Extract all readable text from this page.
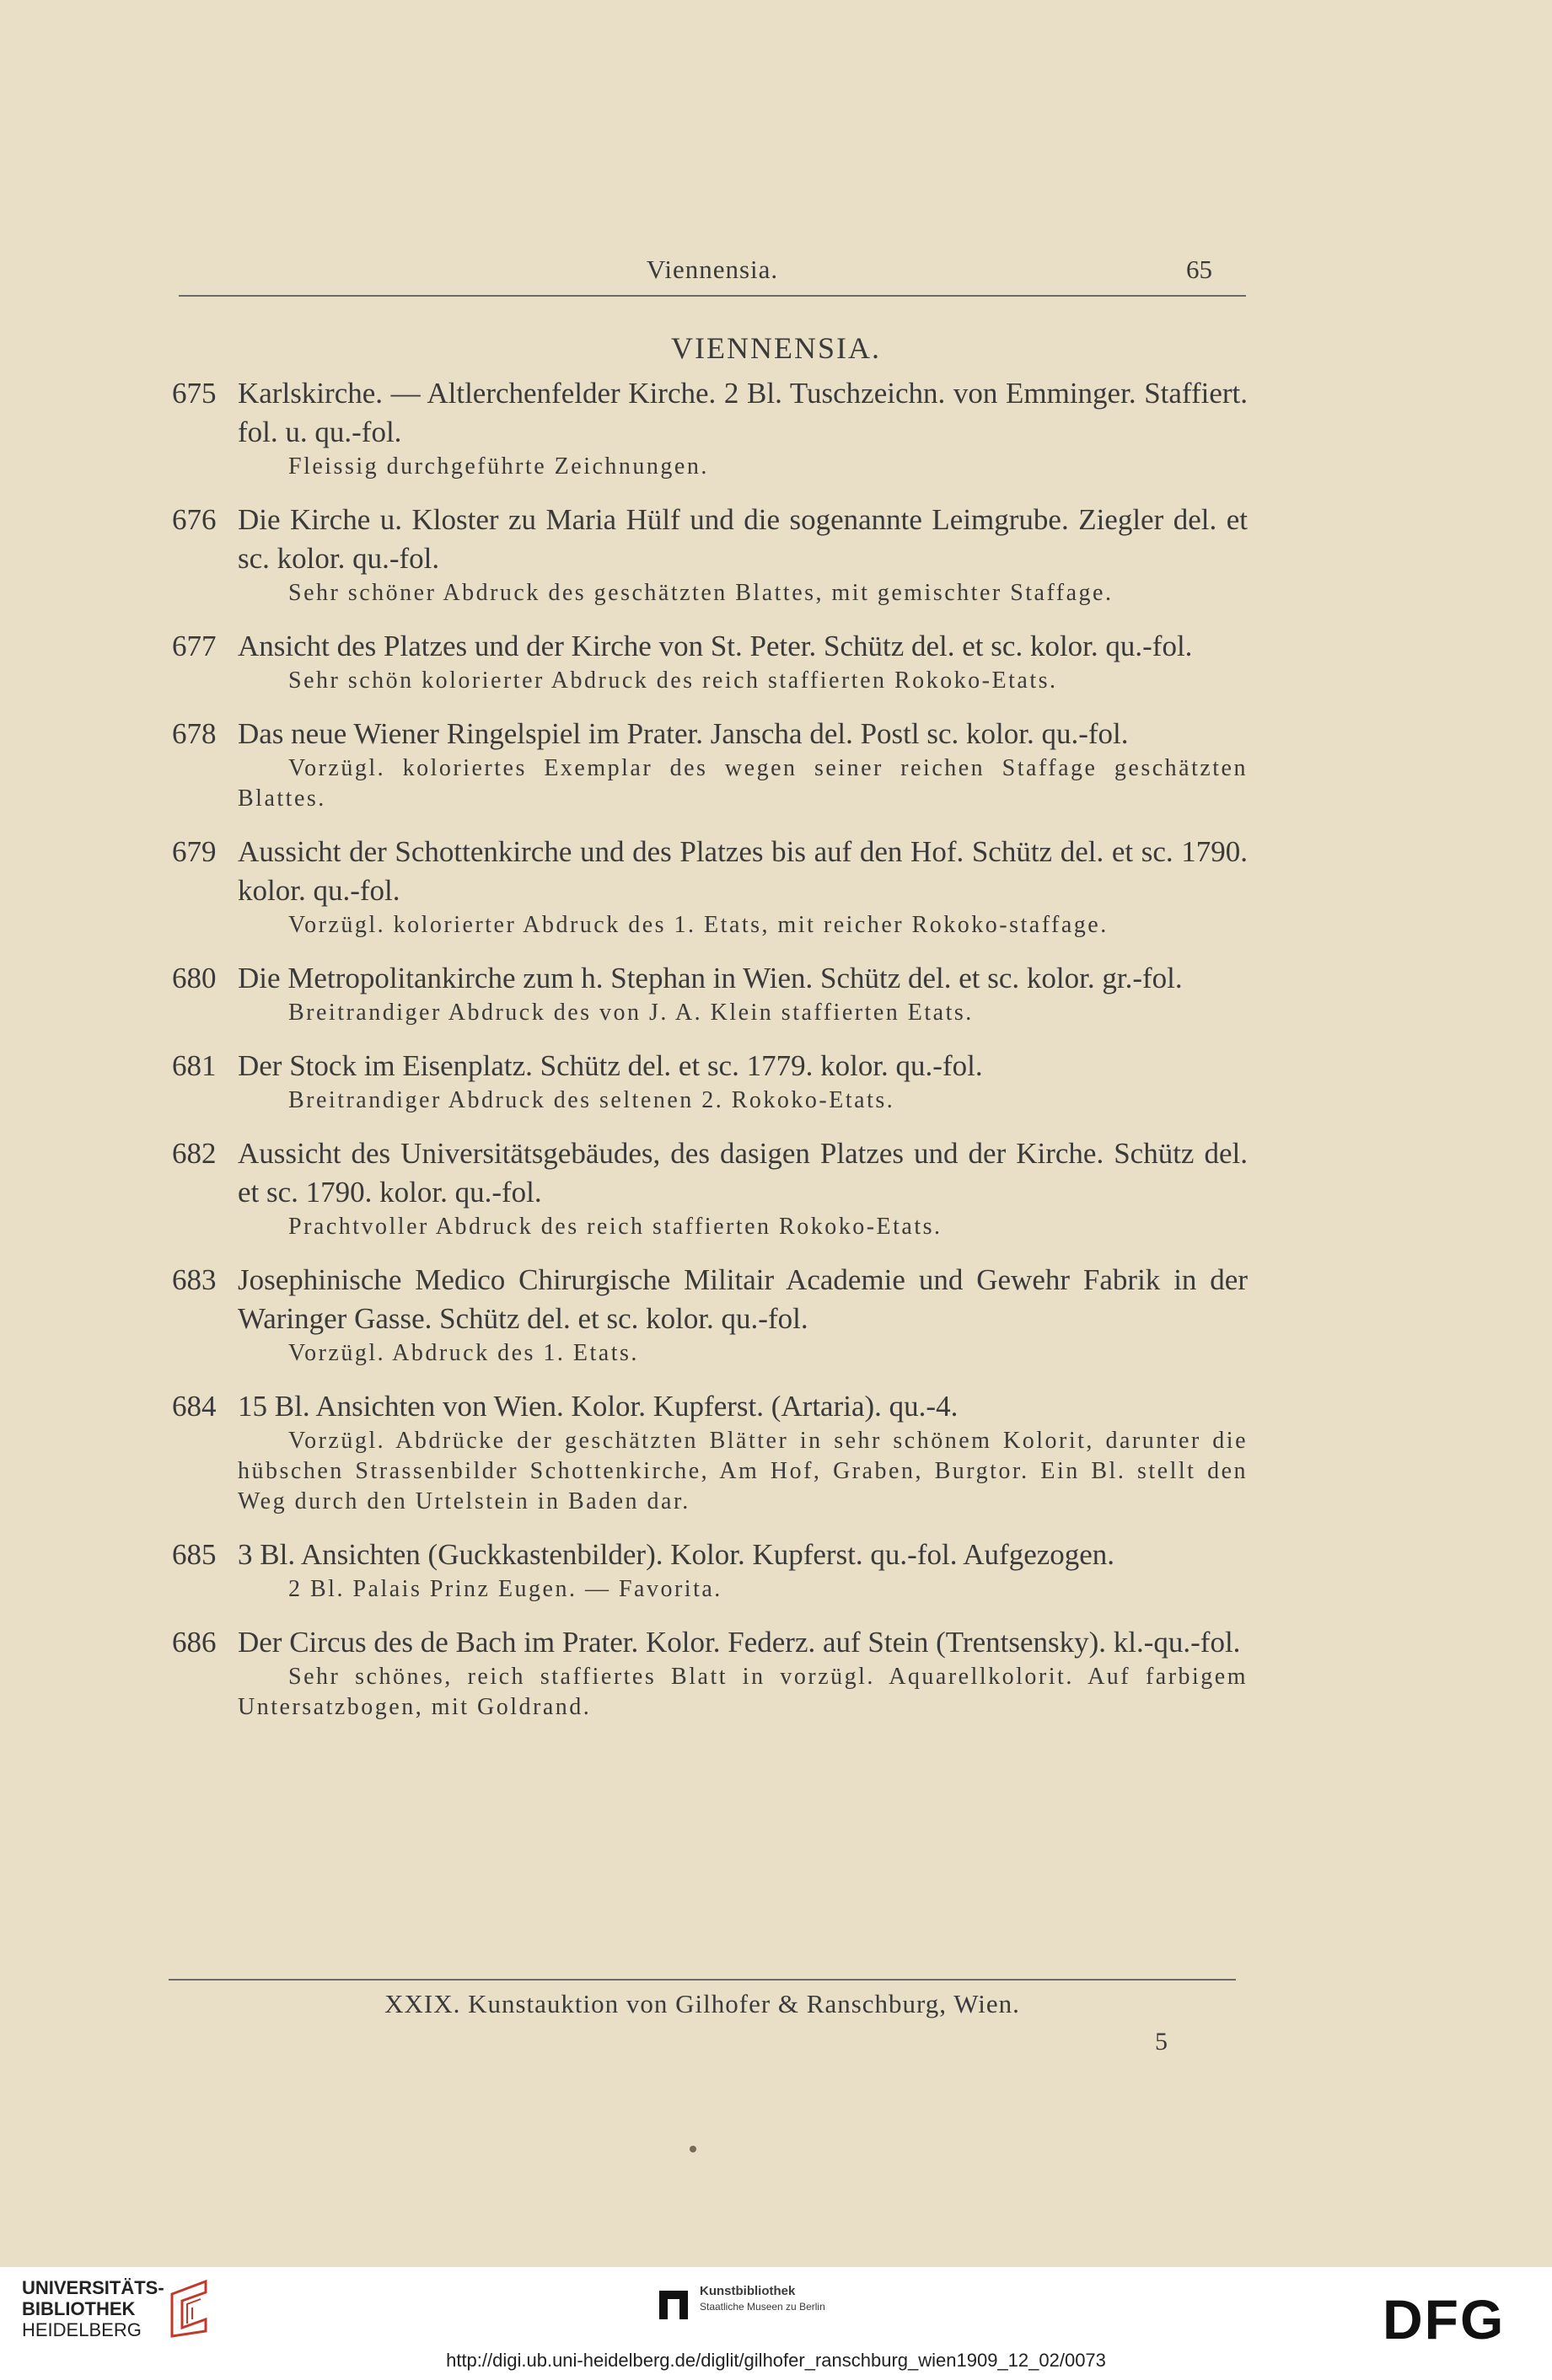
Viennensia.	65
VIENNENSIA.
675 Karlskirche. — Altlerchenfelder Kirche. 2 Bl. Tuschzeichn. von Emminger. Staffiert. fol. u. qu.-fol.
Fleissig durchgeführte Zeichnungen.
676 Die Kirche u. Kloster zu Maria Hülf und die sogenannte Leimgrube. Ziegler del. et sc. kolor. qu.-fol.
Sehr schöner Abdruck des geschätzten Blattes, mit gemischter Staffage.
677 Ansicht des Platzes und der Kirche von St. Peter. Schütz del. et sc. kolor. qu.-fol.
Sehr schön kolorierter Abdruck des reich staffierten Rokoko-Etats.
678 Das neue Wiener Ringelspiel im Prater. Janscha del. Postl sc. kolor. qu.-fol.
Vorzügl. koloriertes Exemplar des wegen seiner reichen Staffage geschätzten Blattes.
679 Aussicht der Schottenkirche und des Platzes bis auf den Hof. Schütz del. et sc. 1790. kolor. qu.-fol.
Vorzügl. kolorierter Abdruck des 1. Etats, mit reicher Rokoko-staffage.
680 Die Metropolitankirche zum h. Stephan in Wien. Schütz del. et sc. kolor. gr.-fol.
Breitrandiger Abdruck des von J. A. Klein staffierten Etats.
681 Der Stock im Eisenplatz. Schütz del. et sc. 1779. kolor. qu.-fol.
Breitrandiger Abdruck des seltenen 2. Rokoko-Etats.
682 Aussicht des Universitätsgebäudes, des dasigen Platzes und der Kirche. Schütz del. et sc. 1790. kolor. qu.-fol.
Prachtvoller Abdruck des reich staffierten Rokoko-Etats.
683 Josephinische Medico Chirurgische Militair Academie und Gewehr Fabrik in der Waringer Gasse. Schütz del. et sc. kolor. qu.-fol.
Vorzügl. Abdruck des 1. Etats.
684 15 Bl. Ansichten von Wien. Kolor. Kupferst. (Artaria). qu.-4.
Vorzügl. Abdrücke der geschätzten Blätter in sehr schönem Kolorit, darunter die hübschen Strassenbilder Schottenkirche, Am Hof, Graben, Burgtor. Ein Bl. stellt den Weg durch den Urtelstein in Baden dar.
685 3 Bl. Ansichten (Guckkastenbilder). Kolor. Kupferst. qu.-fol. Aufgezogen.
2 Bl. Palais Prinz Eugen. — Favorita.
686 Der Circus des de Bach im Prater. Kolor. Federz. auf Stein (Trentsensky). kl.-qu.-fol.
Sehr schönes, reich staffiertes Blatt in vorzügl. Aquarellkolorit. Auf farbigem Untersatzbogen, mit Goldrand.
XXIX. Kunstauktion von Gilhofer & Ranschburg, Wien.
5
UNIVERSITÄTS-
BIBLIOTHEK
HEIDELBERG
Kunstbibliothek
Staatliche Museen zu Berlin	DFG
http://digi.ub.uni-heidelberg.de/diglit/gilhofer_ranschburg_wien1909_12_02/0073
